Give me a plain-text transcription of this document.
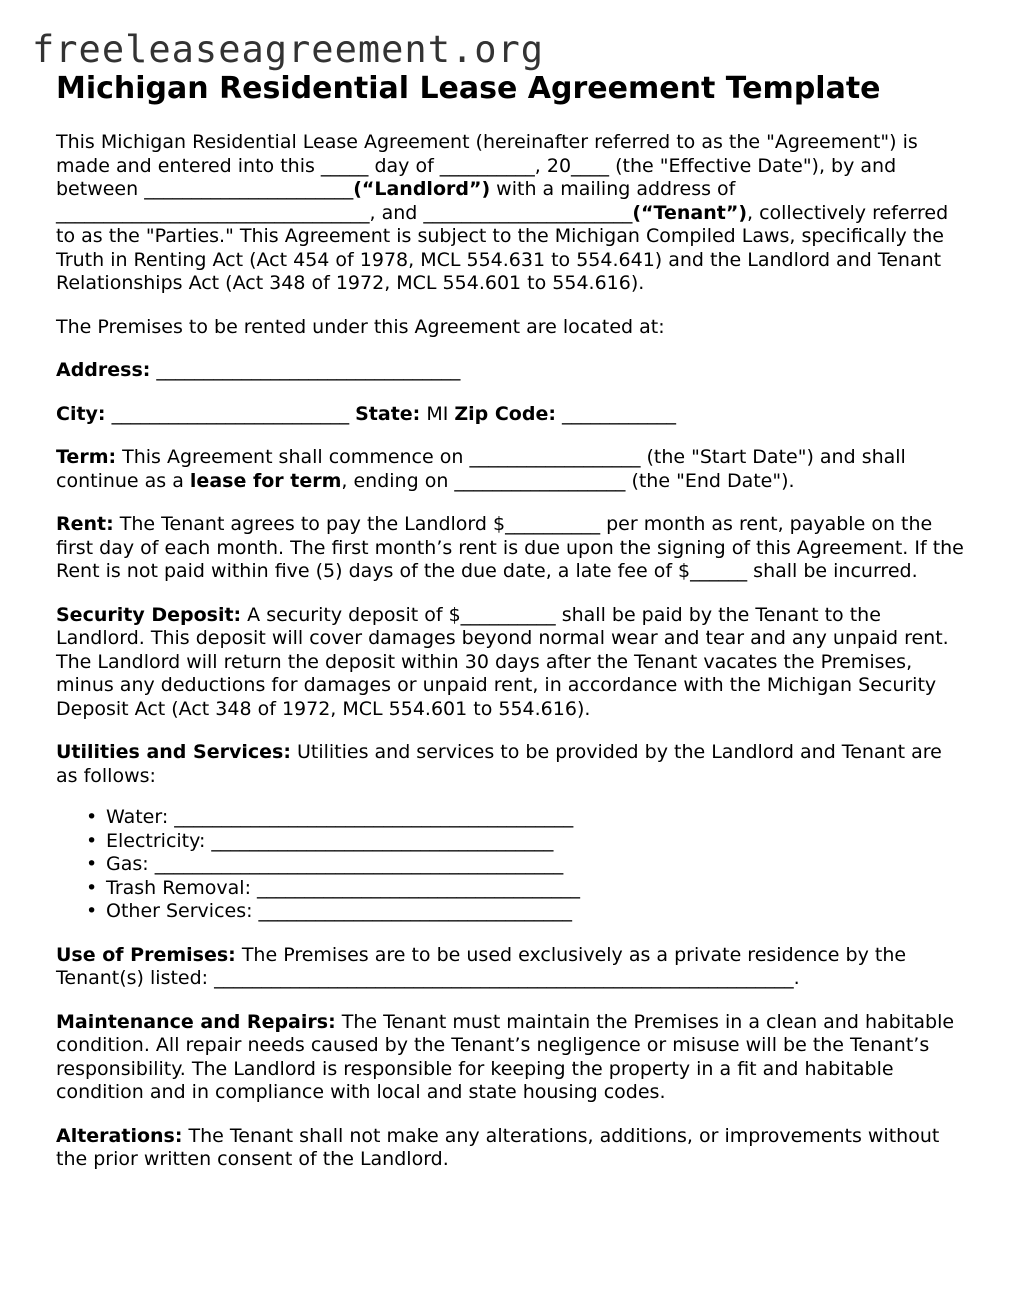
freeleaseagreement.org
Michigan Residential Lease Agreement Template

This Michigan Residential Lease Agreement (hereinafter referred to as the "Agreement") is made and entered into this _____ day of __________, 20____ (the "Effective Date"), by and between ______________________(“Landlord”) with a mailing address of _________________________________, and ______________________(“Tenant”), collectively referred to as the "Parties." This Agreement is subject to the Michigan Compiled Laws, specifically the Truth in Renting Act (Act 454 of 1978, MCL 554.631 to 554.641) and the Landlord and Tenant Relationships Act (Act 348 of 1972, MCL 554.601 to 554.616).

The Premises to be rented under this Agreement are located at:

Address: ________________________________

City: _________________________ State: MI Zip Code: ____________

Term: This Agreement shall commence on __________________ (the "Start Date") and shall continue as a lease for term, ending on __________________ (the "End Date").

Rent: The Tenant agrees to pay the Landlord $__________ per month as rent, payable on the first day of each month. The first month’s rent is due upon the signing of this Agreement. If the Rent is not paid within five (5) days of the due date, a late fee of $______ shall be incurred.

Security Deposit: A security deposit of $__________ shall be paid by the Tenant to the Landlord. This deposit will cover damages beyond normal wear and tear and any unpaid rent. The Landlord will return the deposit within 30 days after the Tenant vacates the Premises, minus any deductions for damages or unpaid rent, in accordance with the Michigan Security Deposit Act (Act 348 of 1972, MCL 554.601 to 554.616).

Utilities and Services: Utilities and services to be provided by the Landlord and Tenant are as follows:

• Water: __________________________________________
• Electricity: ____________________________________
• Gas: ___________________________________________
• Trash Removal: __________________________________
• Other Services: _________________________________

Use of Premises: The Premises are to be used exclusively as a private residence by the Tenant(s) listed: _____________________________________________________________.

Maintenance and Repairs: The Tenant must maintain the Premises in a clean and habitable condition. All repair needs caused by the Tenant’s negligence or misuse will be the Tenant’s responsibility. The Landlord is responsible for keeping the property in a fit and habitable condition and in compliance with local and state housing codes.

Alterations: The Tenant shall not make any alterations, additions, or improvements without the prior written consent of the Landlord.
